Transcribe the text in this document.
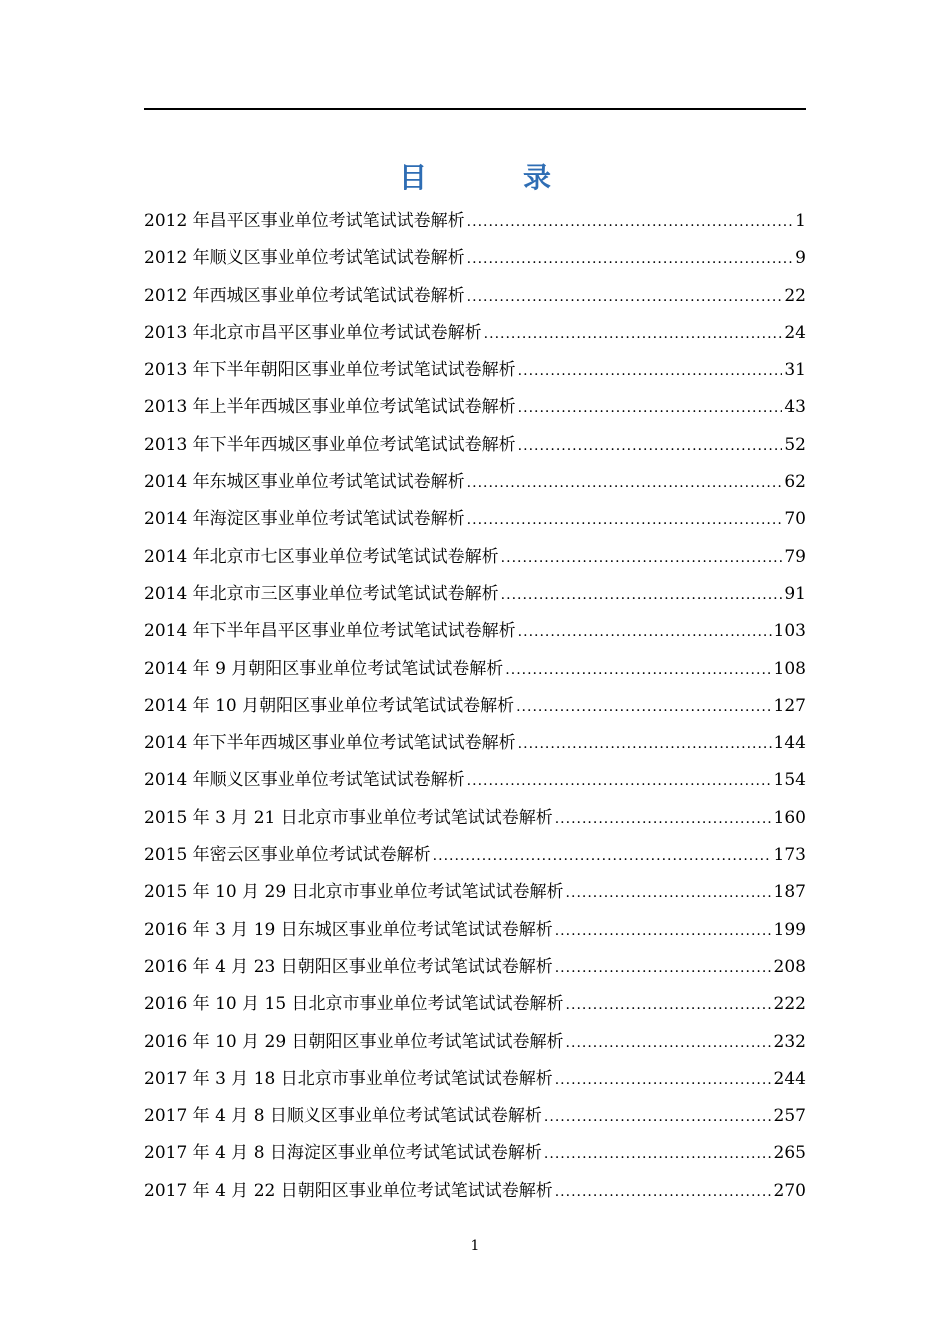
目　录
2012 年昌平区事业单位考试笔试试卷解析 .....	1
2012 年顺义区事业单位考试笔试试卷解析 .....	9
2012 年西城区事业单位考试笔试试卷解析 .....	22
2013 年北京市昌平区事业单位考试试卷解析 .....	24
2013 年下半年朝阳区事业单位考试笔试试卷解析 .....	31
2013 年上半年西城区事业单位考试笔试试卷解析 .....	43
2013 年下半年西城区事业单位考试笔试试卷解析 .....	52
2014 年东城区事业单位考试笔试试卷解析 .....	62
2014 年海淀区事业单位考试笔试试卷解析 .....	70
2014 年北京市七区事业单位考试笔试试卷解析 .....	79
2014 年北京市三区事业单位考试笔试试卷解析 .....	91
2014 年下半年昌平区事业单位考试笔试试卷解析 .....	103
2014 年 9 月朝阳区事业单位考试笔试试卷解析 .....	108
2014 年 10 月朝阳区事业单位考试笔试试卷解析 .....	127
2014 年下半年西城区事业单位考试笔试试卷解析 .....	144
2014 年顺义区事业单位考试笔试试卷解析 .....	154
2015 年 3 月 21 日北京市事业单位考试笔试试卷解析 .....	160
2015 年密云区事业单位考试试卷解析 .....	173
2015 年 10 月 29 日北京市事业单位考试笔试试卷解析 .....	187
2016 年 3 月 19 日东城区事业单位考试笔试试卷解析 .....	199
2016 年 4 月 23 日朝阳区事业单位考试笔试试卷解析 .....	208
2016 年 10 月 15 日北京市事业单位考试笔试试卷解析 .....	222
2016 年 10 月 29 日朝阳区事业单位考试笔试试卷解析 .....	232
2017 年 3 月 18 日北京市事业单位考试笔试试卷解析 .....	244
2017 年 4 月 8 日顺义区事业单位考试笔试试卷解析 .....	257
2017 年 4 月 8 日海淀区事业单位考试笔试试卷解析 .....	265
2017 年 4 月 22 日朝阳区事业单位考试笔试试卷解析 .....	270
1
